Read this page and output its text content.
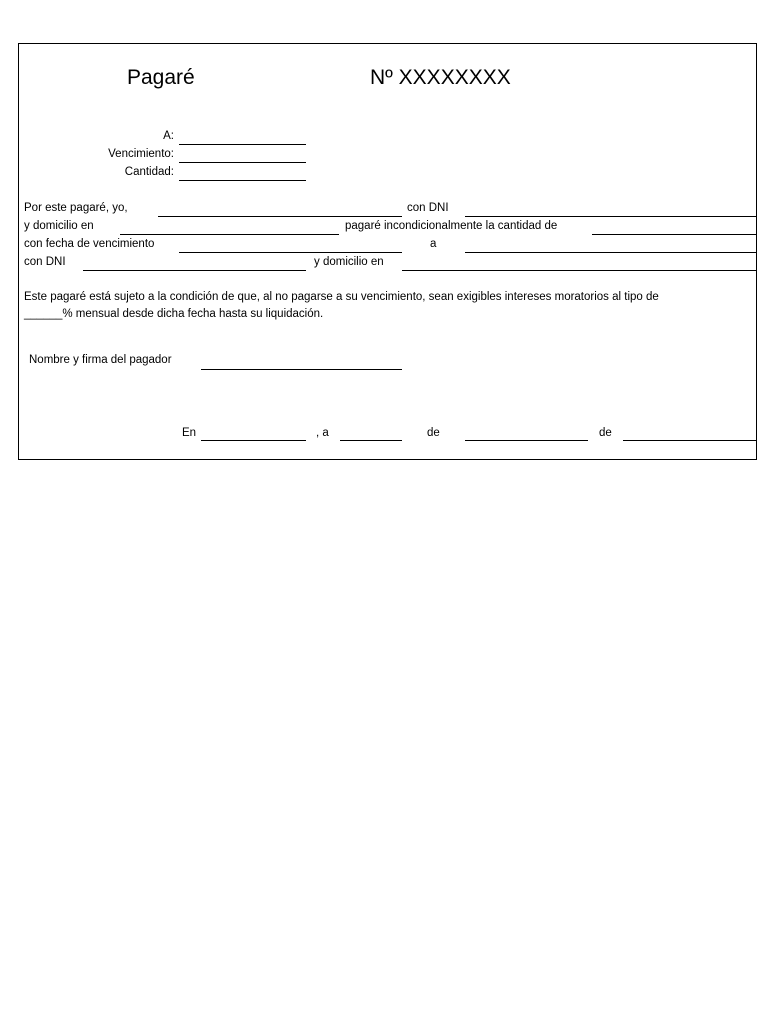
Pagaré	Nº XXXXXXXX
A:
Vencimiento:
Cantidad:
Por este pagaré, yo,	con DNI
y domicilio en	pagaré incondicionalmente la cantidad de
con fecha de vencimiento	a
con DNI	y domicilio en
Este pagaré está sujeto a la condición de que, al no pagarse a su vencimiento, sean exigibles intereses moratorios al tipo de
______% mensual desde dicha fecha hasta su liquidación.
Nombre y firma del pagador
En	, a	de	de
